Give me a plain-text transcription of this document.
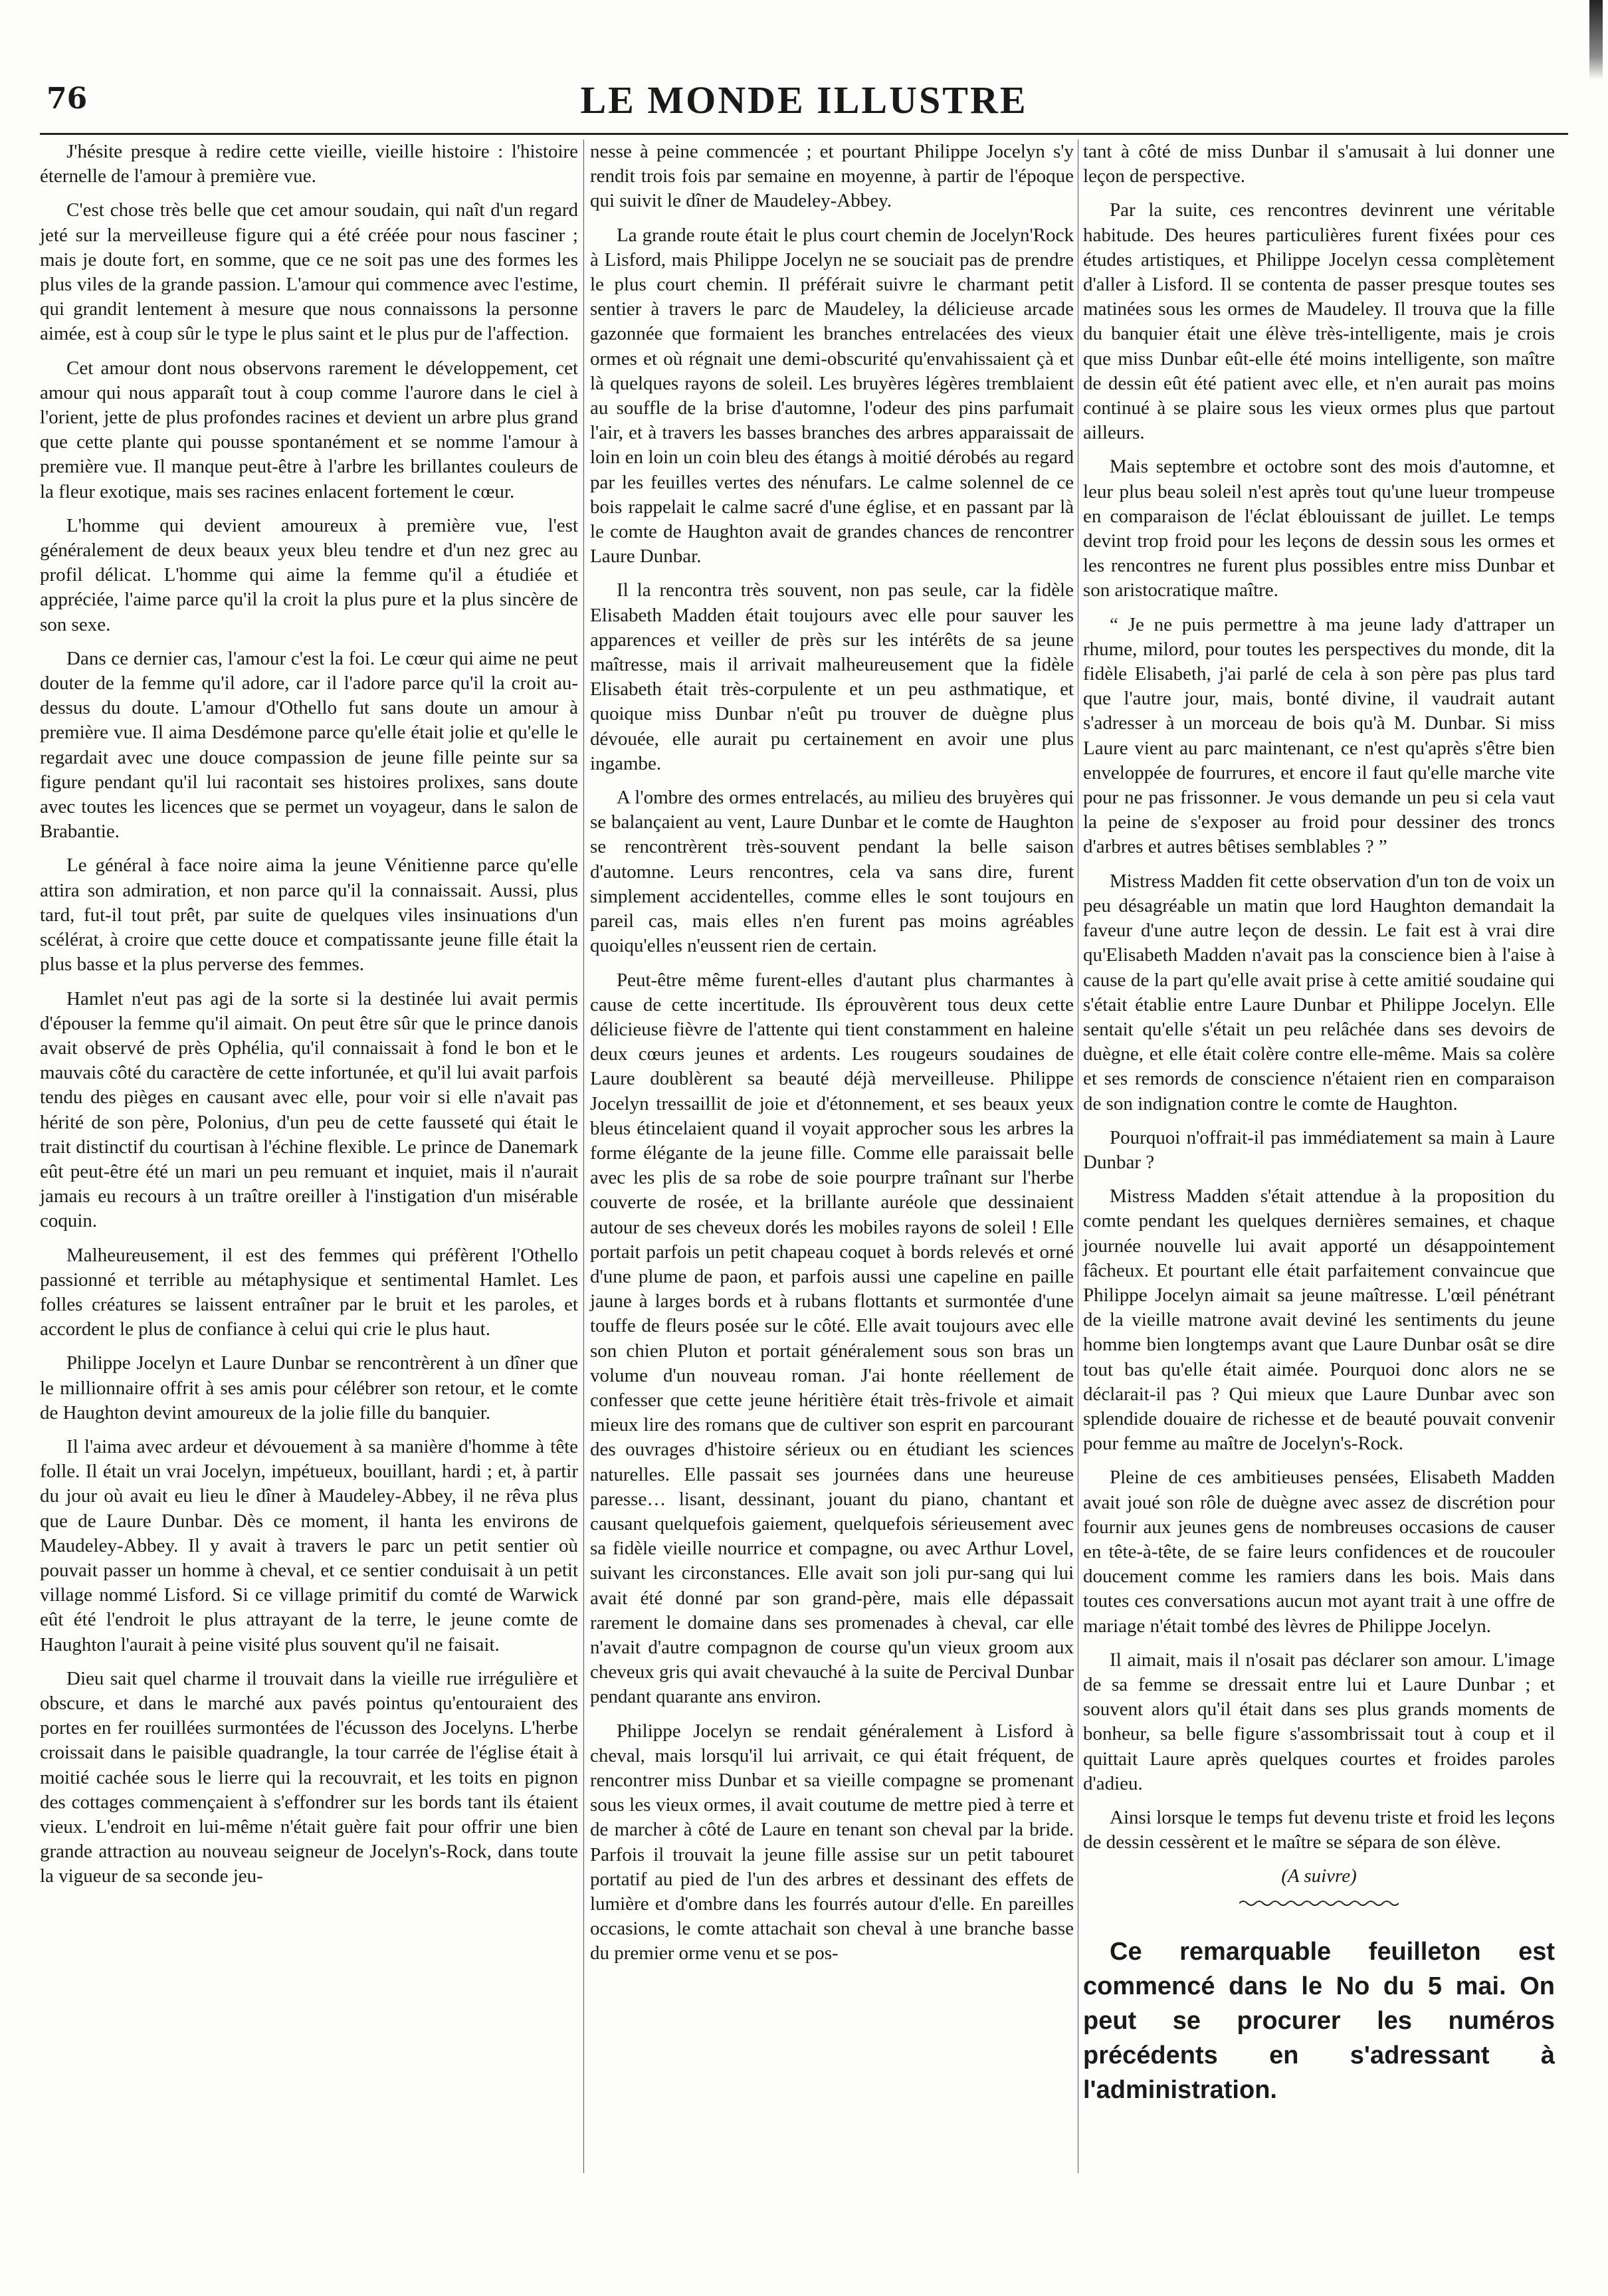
76	LE MONDE ILLUSTRE

J'hésite presque à redire cette vieille, vieille histoire : l'histoire éternelle de l'amour à première vue.

C'est chose très belle que cet amour soudain, qui naît d'un regard jeté sur la merveilleuse figure qui a été créée pour nous fasciner ; mais je doute fort, en somme, que ce ne soit pas une des formes les plus viles de la grande passion. L'amour qui commence avec l'estime, qui grandit lentement à mesure que nous connaissons la personne aimée, est à coup sûr le type le plus saint et le plus pur de l'affection.

Cet amour dont nous observons rarement le développement, cet amour qui nous apparaît tout à coup comme l'aurore dans le ciel à l'orient, jette de plus profondes racines et devient un arbre plus grand que cette plante qui pousse spontanément et se nomme l'amour à première vue. Il manque peut-être à l'arbre les brillantes couleurs de la fleur exotique, mais ses racines enlacent fortement le cœur.

L'homme qui devient amoureux à première vue, l'est généralement de deux beaux yeux bleu tendre et d'un nez grec au profil délicat. L'homme qui aime la femme qu'il a étudiée et appréciée, l'aime parce qu'il la croit la plus pure et la plus sincère de son sexe.

Dans ce dernier cas, l'amour c'est la foi. Le cœur qui aime ne peut douter de la femme qu'il adore, car il l'adore parce qu'il la croit au-dessus du doute. L'amour d'Othello fut sans doute un amour à première vue. Il aima Desdémone parce qu'elle était jolie et qu'elle le regardait avec une douce compassion de jeune fille peinte sur sa figure pendant qu'il lui racontait ses histoires prolixes, sans doute avec toutes les licences que se permet un voyageur, dans le salon de Brabantie.

Le général à face noire aima la jeune Vénitienne parce qu'elle attira son admiration, et non parce qu'il la connaissait. Aussi, plus tard, fut-il tout prêt, par suite de quelques viles insinuations d'un scélérat, à croire que cette douce et compatissante jeune fille était la plus basse et la plus perverse des femmes.

Hamlet n'eut pas agi de la sorte si la destinée lui avait permis d'épouser la femme qu'il aimait. On peut être sûr que le prince danois avait observé de près Ophélia, qu'il connaissait à fond le bon et le mauvais côté du caractère de cette infortunée, et qu'il lui avait parfois tendu des pièges en causant avec elle, pour voir si elle n'avait pas hérité de son père, Polonius, d'un peu de cette fausseté qui était le trait distinctif du courtisan à l'échine flexible. Le prince de Danemark eût peut-être été un mari un peu remuant et inquiet, mais il n'aurait jamais eu recours à un traître oreiller à l'instigation d'un misérable coquin.

Malheureusement, il est des femmes qui préfèrent l'Othello passionné et terrible au métaphysique et sentimental Hamlet. Les folles créatures se laissent entraîner par le bruit et les paroles, et accordent le plus de confiance à celui qui crie le plus haut.

Philippe Jocelyn et Laure Dunbar se rencontrèrent à un dîner que le millionnaire offrit à ses amis pour célébrer son retour, et le comte de Haughton devint amoureux de la jolie fille du banquier.

Il l'aima avec ardeur et dévouement à sa manière d'homme à tête folle. Il était un vrai Jocelyn, impétueux, bouillant, hardi ; et, à partir du jour où avait eu lieu le dîner à Maudeley-Abbey, il ne rêva plus que de Laure Dunbar. Dès ce moment, il hanta les environs de Maudeley-Abbey. Il y avait à travers le parc un petit sentier où pouvait passer un homme à cheval, et ce sentier conduisait à un petit village nommé Lisford. Si ce village primitif du comté de Warwick eût été l'endroit le plus attrayant de la terre, le jeune comte de Haughton l'aurait à peine visité plus souvent qu'il ne faisait.

Dieu sait quel charme il trouvait dans la vieille rue irrégulière et obscure, et dans le marché aux pavés pointus qu'entouraient des portes en fer rouillées surmontées de l'écusson des Jocelyns. L'herbe croissait dans le paisible quadrangle, la tour carrée de l'église était à moitié cachée sous le lierre qui la recouvrait, et les toits en pignon des cottages commençaient à s'effondrer sur les bords tant ils étaient vieux. L'endroit en lui-même n'était guère fait pour offrir une bien grande attraction au nouveau seigneur de Jocelyn's-Rock, dans toute la vigueur de sa seconde jeu-

nesse à peine commencée ; et pourtant Philippe Jocelyn s'y rendit trois fois par semaine en moyenne, à partir de l'époque qui suivit le dîner de Maudeley-Abbey.

La grande route était le plus court chemin de Jocelyn'Rock à Lisford, mais Philippe Jocelyn ne se souciait pas de prendre le plus court chemin. Il préférait suivre le charmant petit sentier à travers le parc de Maudeley, la délicieuse arcade gazonnée que formaient les branches entrelacées des vieux ormes et où régnait une demi-obscurité qu'envahissaient çà et là quelques rayons de soleil. Les bruyères légères tremblaient au souffle de la brise d'automne, l'odeur des pins parfumait l'air, et à travers les basses branches des arbres apparaissait de loin en loin un coin bleu des étangs à moitié dérobés au regard par les feuilles vertes des nénufars. Le calme solennel de ce bois rappelait le calme sacré d'une église, et en passant par là le comte de Haughton avait de grandes chances de rencontrer Laure Dunbar.

Il la rencontra très souvent, non pas seule, car la fidèle Elisabeth Madden était toujours avec elle pour sauver les apparences et veiller de près sur les intérêts de sa jeune maîtresse, mais il arrivait malheureusement que la fidèle Elisabeth était très-corpulente et un peu asthmatique, et quoique miss Dunbar n'eût pu trouver de duègne plus dévouée, elle aurait pu certainement en avoir une plus ingambe.

A l'ombre des ormes entrelacés, au milieu des bruyères qui se balançaient au vent, Laure Dunbar et le comte de Haughton se rencontrèrent très-souvent pendant la belle saison d'automne. Leurs rencontres, cela va sans dire, furent simplement accidentelles, comme elles le sont toujours en pareil cas, mais elles n'en furent pas moins agréables quoiqu'elles n'eussent rien de certain.

Peut-être même furent-elles d'autant plus charmantes à cause de cette incertitude. Ils éprouvèrent tous deux cette délicieuse fièvre de l'attente qui tient constamment en haleine deux cœurs jeunes et ardents. Les rougeurs soudaines de Laure doublèrent sa beauté déjà merveilleuse. Philippe Jocelyn tressaillit de joie et d'étonnement, et ses beaux yeux bleus étincelaient quand il voyait approcher sous les arbres la forme élégante de la jeune fille. Comme elle paraissait belle avec les plis de sa robe de soie pourpre traînant sur l'herbe couverte de rosée, et la brillante auréole que dessinaient autour de ses cheveux dorés les mobiles rayons de soleil ! Elle portait parfois un petit chapeau coquet à bords relevés et orné d'une plume de paon, et parfois aussi une capeline en paille jaune à larges bords et à rubans flottants et surmontée d'une touffe de fleurs posée sur le côté. Elle avait toujours avec elle son chien Pluton et portait généralement sous son bras un volume d'un nouveau roman. J'ai honte réellement de confesser que cette jeune héritière était très-frivole et aimait mieux lire des romans que de cultiver son esprit en parcourant des ouvrages d'histoire sérieux ou en étudiant les sciences naturelles. Elle passait ses journées dans une heureuse paresse… lisant, dessinant, jouant du piano, chantant et causant quelquefois gaiement, quelquefois sérieusement avec sa fidèle vieille nourrice et compagne, ou avec Arthur Lovel, suivant les circonstances. Elle avait son joli pur-sang qui lui avait été donné par son grand-père, mais elle dépassait rarement le domaine dans ses promenades à cheval, car elle n'avait d'autre compagnon de course qu'un vieux groom aux cheveux gris qui avait chevauché à la suite de Percival Dunbar pendant quarante ans environ.

Philippe Jocelyn se rendait généralement à Lisford à cheval, mais lorsqu'il lui arrivait, ce qui était fréquent, de rencontrer miss Dunbar et sa vieille compagne se promenant sous les vieux ormes, il avait coutume de mettre pied à terre et de marcher à côté de Laure en tenant son cheval par la bride. Parfois il trouvait la jeune fille assise sur un petit tabouret portatif au pied de l'un des arbres et dessinant des effets de lumière et d'ombre dans les fourrés autour d'elle. En pareilles occasions, le comte attachait son cheval à une branche basse du premier orme venu et se pos-

tant à côté de miss Dunbar il s'amusait à lui donner une leçon de perspective.

Par la suite, ces rencontres devinrent une véritable habitude. Des heures particulières furent fixées pour ces études artistiques, et Philippe Jocelyn cessa complètement d'aller à Lisford. Il se contenta de passer presque toutes ses matinées sous les ormes de Maudeley. Il trouva que la fille du banquier était une élève très-intelligente, mais je crois que miss Dunbar eût-elle été moins intelligente, son maître de dessin eût été patient avec elle, et n'en aurait pas moins continué à se plaire sous les vieux ormes plus que partout ailleurs.

Mais septembre et octobre sont des mois d'automne, et leur plus beau soleil n'est après tout qu'une lueur trompeuse en comparaison de l'éclat éblouissant de juillet. Le temps devint trop froid pour les leçons de dessin sous les ormes et les rencontres ne furent plus possibles entre miss Dunbar et son aristocratique maître.

“ Je ne puis permettre à ma jeune lady d'attraper un rhume, milord, pour toutes les perspectives du monde, dit la fidèle Elisabeth, j'ai parlé de cela à son père pas plus tard que l'autre jour, mais, bonté divine, il vaudrait autant s'adresser à un morceau de bois qu'à M. Dunbar. Si miss Laure vient au parc maintenant, ce n'est qu'après s'être bien enveloppée de fourrures, et encore il faut qu'elle marche vite pour ne pas frissonner. Je vous demande un peu si cela vaut la peine de s'exposer au froid pour dessiner des troncs d'arbres et autres bêtises semblables ? ”

Mistress Madden fit cette observation d'un ton de voix un peu désagréable un matin que lord Haughton demandait la faveur d'une autre leçon de dessin. Le fait est à vrai dire qu'Elisabeth Madden n'avait pas la conscience bien à l'aise à cause de la part qu'elle avait prise à cette amitié soudaine qui s'était établie entre Laure Dunbar et Philippe Jocelyn. Elle sentait qu'elle s'était un peu relâchée dans ses devoirs de duègne, et elle était colère contre elle-même. Mais sa colère et ses remords de conscience n'étaient rien en comparaison de son indignation contre le comte de Haughton.

Pourquoi n'offrait-il pas immédiatement sa main à Laure Dunbar ?

Mistress Madden s'était attendue à la proposition du comte pendant les quelques dernières semaines, et chaque journée nouvelle lui avait apporté un désappointement fâcheux. Et pourtant elle était parfaitement convaincue que Philippe Jocelyn aimait sa jeune maîtresse. L'œil pénétrant de la vieille matrone avait deviné les sentiments du jeune homme bien longtemps avant que Laure Dunbar osât se dire tout bas qu'elle était aimée. Pourquoi donc alors ne se déclarait-il pas ? Qui mieux que Laure Dunbar avec son splendide douaire de richesse et de beauté pouvait convenir pour femme au maître de Jocelyn's-Rock.

Pleine de ces ambitieuses pensées, Elisabeth Madden avait joué son rôle de duègne avec assez de discrétion pour fournir aux jeunes gens de nombreuses occasions de causer en tête-à-tête, de se faire leurs confidences et de roucouler doucement comme les ramiers dans les bois. Mais dans toutes ces conversations aucun mot ayant trait à une offre de mariage n'était tombé des lèvres de Philippe Jocelyn.

Il aimait, mais il n'osait pas déclarer son amour. L'image de sa femme se dressait entre lui et Laure Dunbar ; et souvent alors qu'il était dans ses plus grands moments de bonheur, sa belle figure s'assombrissait tout à coup et il quittait Laure après quelques courtes et froides paroles d'adieu.

Ainsi lorsque le temps fut devenu triste et froid les leçons de dessin cessèrent et le maître se sépara de son élève.

(A suivre)

Ce remarquable feuilleton est commencé dans le No du 5 mai. On peut se procurer les numéros précédents en s'adressant à l'administration.
